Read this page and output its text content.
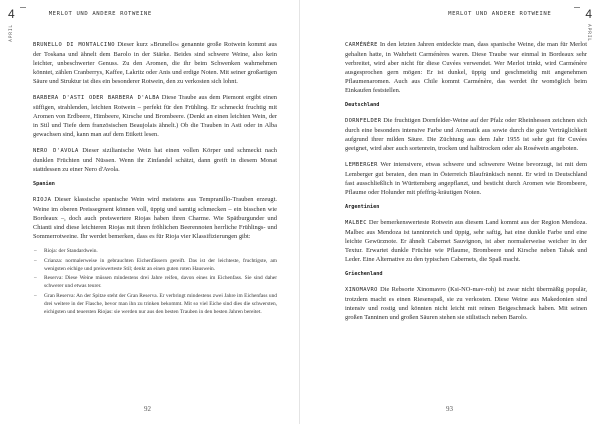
4	MERLOT UND ANDERE ROTWEINE
APRIL

BRUNELLO DI MONTALCINO Dieser kurz »Brunello« genannte große Rotwein kommt aus der Toskana und ähnelt dem Barolo in der Stärke. Beides sind schwere Weine, also kein leichter, unbeschwerter Genuss. Zu den Aromen, die ihr beim Schwenken wahrnehmen könntet, zählen Cranberrys, Kaffee, Lakritz oder Anis und erdige Noten. Mit seiner großartigen Säure und Struktur ist dies ein besonderer Rotwein, den zu verkosten sich lohnt.

BARBERA D'ASTI ODER BARBERA D'ALBA Diese Traube aus dem Piemont ergibt einen süffigen, strahlenden, leichten Rotwein – perfekt für den Frühling. Er schmeckt fruchtig mit Aromen von Erdbeere, Himbeere, Kirsche und Brombeere. (Denkt an einen leichten Wein, der in Stil und Tiefe dem französischen Beaujolais ähnelt.) Ob die Trauben in Asti oder in Alba gewachsen sind, kann man auf dem Etikett lesen.

NERO D'AVOLA Dieser sizilianische Wein hat einen vollen Körper und schmeckt nach dunklen Früchten und Nüssen. Wenn ihr Zinfandel schätzt, dann greift in diesem Monat stattdessen zu einer Nero d'Avola.

Spanien

RIOJA Dieser klassische spanische Wein wird meistens aus Tempranillo-Trauben erzeugt. Weine im oberen Preissegment können voll, üppig und samtig schmecken – ein bisschen wie Bordeaux –, doch auch preiswertere Riojas haben ihren Charme. Wie Spätburgunder und Chianti sind diese leichteren Riojas mit ihren fröhlichen Beerennoten herrliche Frühlings- und Sommerrotweine. Ihr werdet bemerken, dass es für Rioja vier Klassifizierungen gibt:

– Rioja: der Standardwein.
– Crianza: normalerweise in gebrauchten Eichenfässern gereift. Das ist der leichteste, fruchtigste, am wenigsten eichige und preiswerteste Stil; denkt an einen guten roten Hauswein.
– Reserva: Diese Weine müssen mindestens drei Jahre reifen, davon eines im Eichenfass. Sie sind daher schwerer und etwas teurer.
– Gran Reserva: An der Spitze steht der Gran Reserva. Er verbringt mindestens zwei Jahre im Eichenfass und drei weitere in der Flasche, bevor man ihn zu trinken bekommt. Mit so viel Eiche sind dies die schwersten, eichigsten und teuersten Riojas: sie werden nur aus den besten Trauben in den besten Jahren bereitet.
92
MERLOT UND ANDERE ROTWEINE	4
APRIL

CARMÉNÈRE In den letzten Jahren entdeckte man, dass spanische Weine, die man für Merlot gehalten hatte, in Wahrheit Carménères waren. Diese Traube war einmal in Bordeaux sehr verbreitet, wird aber nicht für diese Cuvées verwendet. Wer Merlot trinkt, wird Carménère ausgesprochen gern mögen: Er ist dunkel, üppig und geschmeidig mit angenehmen Pflaumenaromen. Auch aus Chile kommt Carménère, das werdet ihr womöglich beim Einkaufen feststellen.

Deutschland

DORNFELDER Die fruchtigen Dornfelder-Weine auf der Pfalz oder Rheinhessen zeichnen sich durch eine besonders intensive Farbe und Aromatik aus sowie durch die gute Verträglichkeit aufgrund ihrer milden Säure. Die Züchtung aus dem Jahr 1955 ist sehr gut für Cuvées geeignet, wird aber auch sortenrein, trocken und halbtrocken oder als Roséwein angeboten.

LEMBERGER Wer intensivere, etwas schwere und schwerere Weine bevorzugt, ist mit dem Lemberger gut beraten, den man in Österreich Blaufränkisch nennt. Er wird in Deutschland fast ausschließlich in Württemberg angepflanzt, und besticht durch Aromen wie Brombeere, Pflaume oder Holunder mit pfeffrig-kräutigen Noten.

Argentinien

MALBEC Der bemerkenswerteste Rotwein aus diesem Land kommt aus der Region Mendoza. Malbec aus Mendoza ist tanninreich und üppig, sehr saftig, hat eine dunkle Farbe und eine leichte Gewürznote. Er ähnelt Cabernet Sauvignon, ist aber normalerweise weicher in der Textur. Erwartet dunkle Früchte wie Pflaume, Brombeere und Kirsche neben Tabak und Leder. Eine Alternative zu den typischen Cabernets, die Spaß macht.

Griechenland

XINOMAVRO Die Rebsorte Xinomavro (Ksi-NO-mav-roh) ist zwar nicht übermäßig populär, trotzdem macht es einen Riesenspaß, sie zu verkosten. Diese Weine aus Makedonien sind intensiv und rostig und könnten nicht leicht mit reinen Beigeschmack haben. Mit seinen großen Tanninen und großen Säuren stehen sie stilistisch neben Barolo.

93
